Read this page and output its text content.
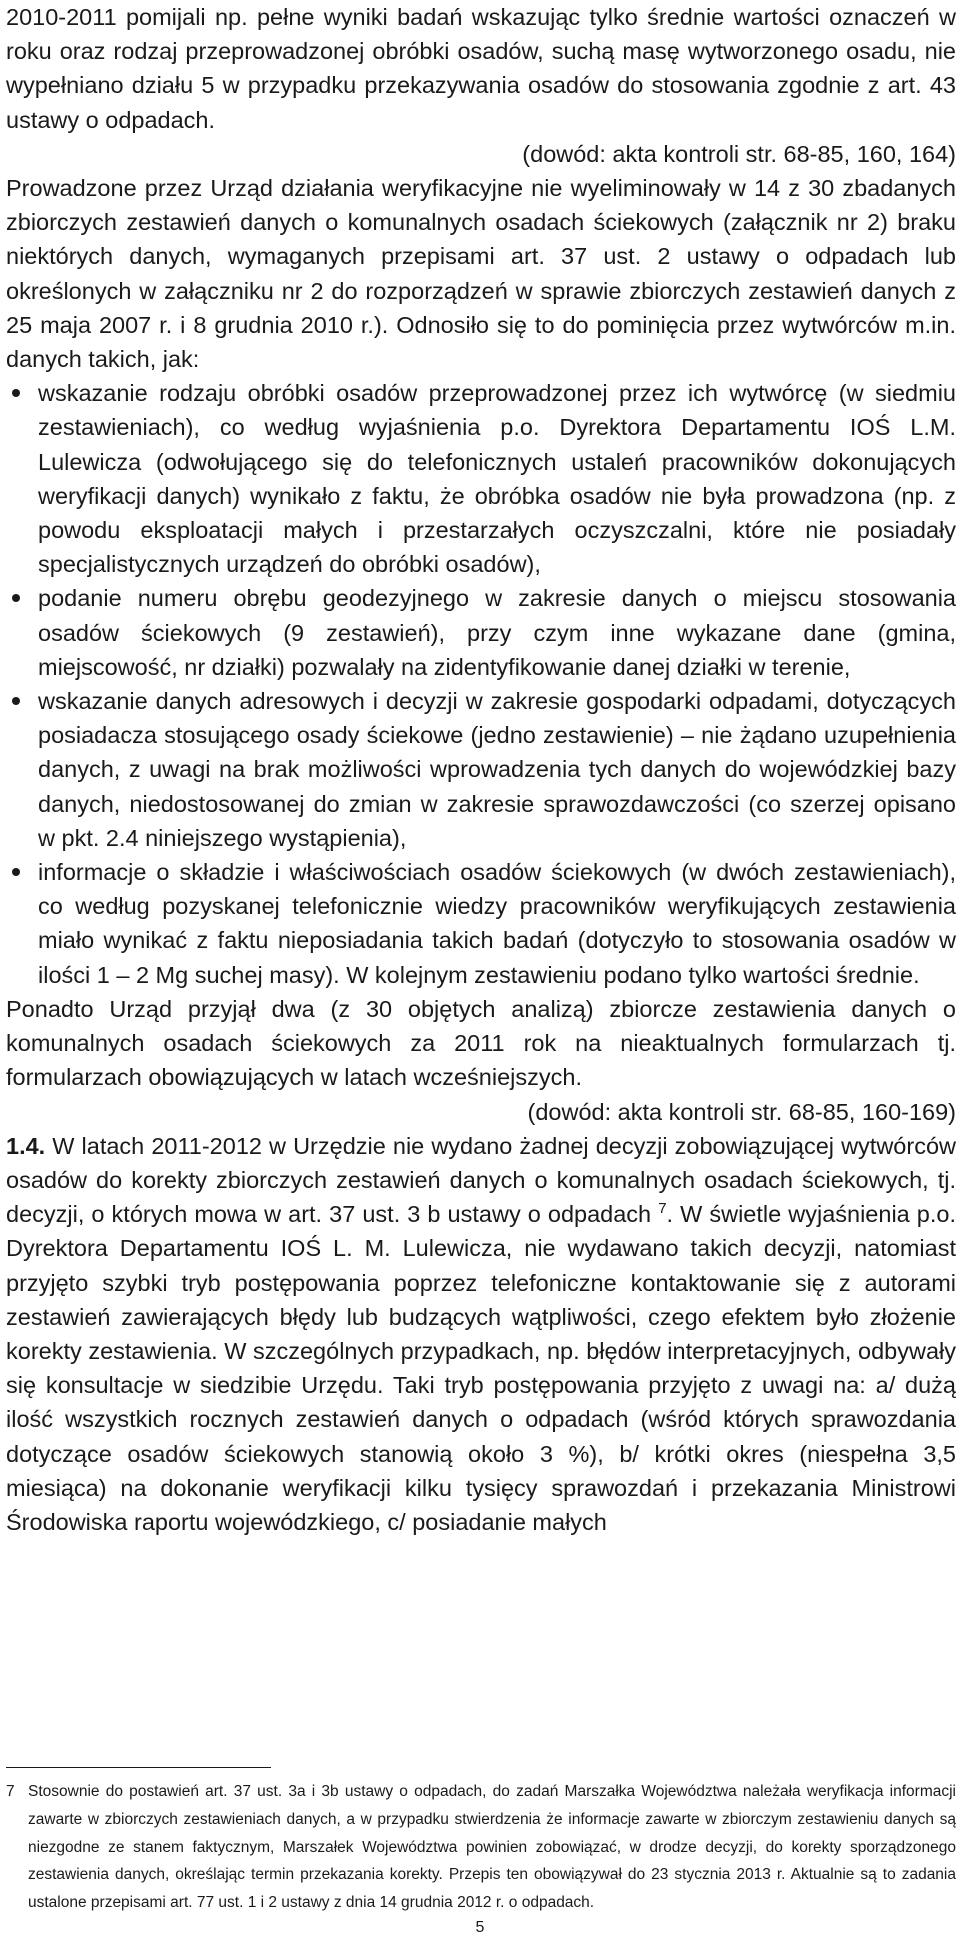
2010-2011 pomijali np. pełne wyniki badań wskazując tylko średnie wartości oznaczeń w roku oraz rodzaj przeprowadzonej obróbki osadów, suchą masę wytworzonego osadu, nie wypełniano działu 5 w przypadku przekazywania osadów do stosowania zgodnie z art. 43 ustawy o odpadach.

(dowód: akta kontroli str. 68-85, 160, 164)

Prowadzone przez Urząd działania weryfikacyjne nie wyeliminowały w 14 z 30 zbadanych zbiorczych zestawień danych o komunalnych osadach ściekowych (załącznik nr 2) braku niektórych danych, wymaganych przepisami art. 37 ust. 2 ustawy o odpadach lub określonych w załączniku nr 2 do rozporządzeń w sprawie zbiorczych zestawień danych z 25 maja 2007 r. i 8 grudnia 2010 r.). Odnosiło się to do pominięcia przez wytwórców m.in. danych takich, jak:

wskazanie rodzaju obróbki osadów przeprowadzonej przez ich wytwórcę (w siedmiu zestawieniach), co według wyjaśnienia p.o. Dyrektora Departamentu IOŚ L.M. Lulewicza (odwołującego się do telefonicznych ustaleń pracowników dokonujących weryfikacji danych) wynikało z faktu, że obróbka osadów nie była prowadzona (np. z powodu eksploatacji małych i przestarzałych oczyszczalni, które nie posiadały specjalistycznych urządzeń do obróbki osadów),
podanie numeru obrębu geodezyjnego w zakresie danych o miejscu stosowania osadów ściekowych (9 zestawień), przy czym inne wykazane dane (gmina, miejscowość, nr działki) pozwalały na zidentyfikowanie danej działki w terenie,
wskazanie danych adresowych i decyzji w zakresie gospodarki odpadami, dotyczących posiadacza stosującego osady ściekowe (jedno zestawienie) – nie żądano uzupełnienia danych, z uwagi na brak możliwości wprowadzenia tych danych do wojewódzkiej bazy danych, niedostosowanej do zmian w zakresie sprawozdawczości (co szerzej opisano w pkt. 2.4 niniejszego wystąpienia),
informacje o składzie i właściwościach osadów ściekowych (w dwóch zestawieniach), co według pozyskanej telefonicznie wiedzy pracowników weryfikujących zestawienia miało wynikać z faktu nieposiadania takich badań (dotyczyło to stosowania osadów w ilości 1 – 2 Mg suchej masy). W kolejnym zestawieniu podano tylko wartości średnie.

Ponadto Urząd przyjął dwa (z 30 objętych analizą) zbiorcze zestawienia danych o komunalnych osadach ściekowych za 2011 rok na nieaktualnych formularzach tj. formularzach obowiązujących w latach wcześniejszych.

(dowód: akta kontroli str. 68-85, 160-169)

1.4. W latach 2011-2012 w Urzędzie nie wydano żadnej decyzji zobowiązującej wytwórców osadów do korekty zbiorczych zestawień danych o komunalnych osadach ściekowych, tj. decyzji, o których mowa w art. 37 ust. 3 b ustawy o odpadach $^7$. W świetle wyjaśnienia p.o. Dyrektora Departamentu IOŚ L. M. Lulewicza, nie wydawano takich decyzji, natomiast przyjęto szybki tryb postępowania poprzez telefoniczne kontaktowanie się z autorami zestawień zawierających błędy lub budzących wątpliwości, czego efektem było złożenie korekty zestawienia. W szczególnych przypadkach, np. błędów interpretacyjnych, odbywały się konsultacje w siedzibie Urzędu. Taki tryb postępowania przyjęto z uwagi na: a/ dużą ilość wszystkich rocznych zestawień danych o odpadach (wśród których sprawozdania dotyczące osadów ściekowych stanowią około 3 %), b/ krótki okres (niespełna 3,5 miesiąca) na dokonanie weryfikacji kilku tysięcy sprawozdań i przekazania Ministrowi Środowiska raportu wojewódzkiego, c/ posiadanie małych

7 Stosownie do postawień art. 37 ust. 3a i 3b ustawy o odpadach, do zadań Marszałka Województwa należała weryfikacja informacji zawarte w zbiorczych zestawieniach danych, a w przypadku stwierdzenia że informacje zawarte w zbiorczym zestawieniu danych są niezgodne ze stanem faktycznym, Marszałek Województwa powinien zobowiązać, w drodze decyzji, do korekty sporządzonego zestawienia danych, określając termin przekazania korekty. Przepis ten obowiązywał do 23 stycznia 2013 r. Aktualnie są to zadania ustalone przepisami art. 77 ust. 1 i 2 ustawy z dnia 14 grudnia 2012 r. o odpadach.
5
